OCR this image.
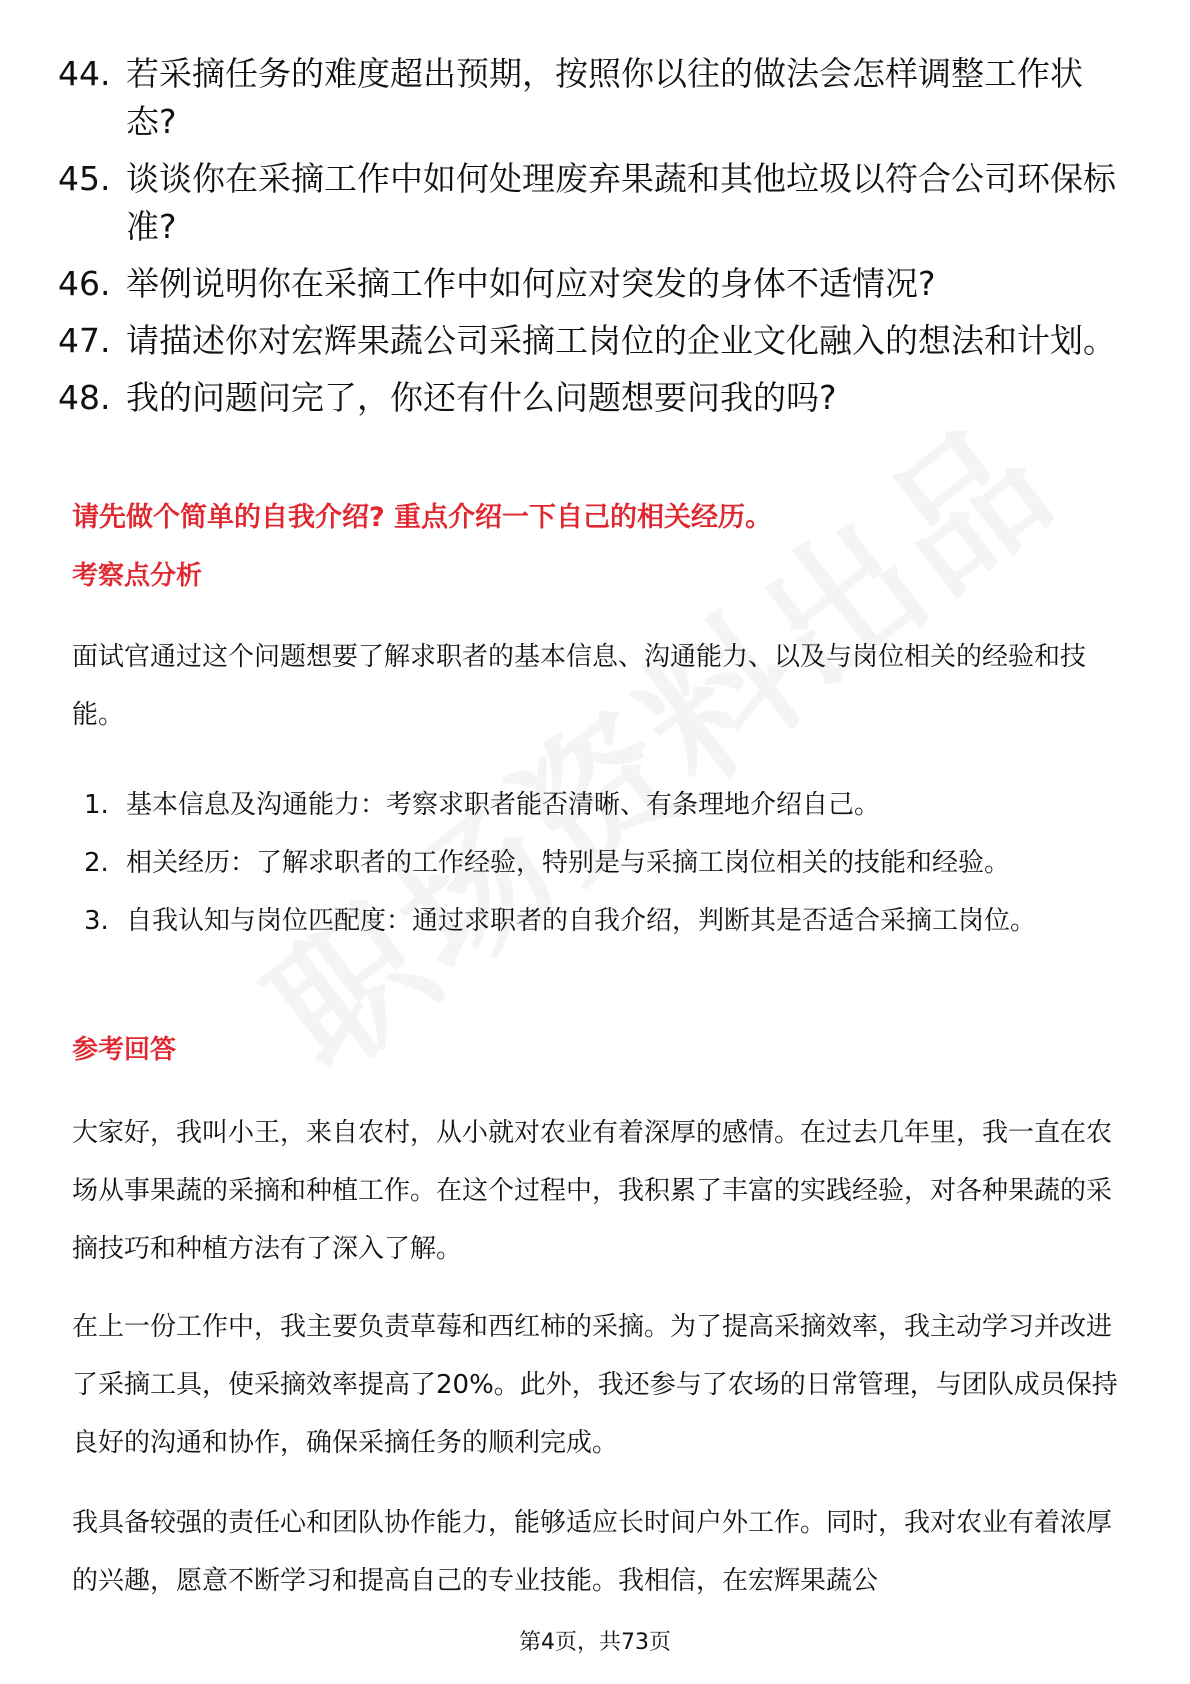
44. 若采摘任务的难度超出预期，按照你以往的做法会怎样调整工作状态?
45. 谈谈你在采摘工作中如何处理废弃果蔬和其他垃圾以符合公司环保标准?
46. 举例说明你在采摘工作中如何应对突发的身体不适情况?
47. 请描述你对宏辉果蔬公司采摘工岗位的企业文化融入的想法和计划。
48. 我的问题问完了，你还有什么问题想要问我的吗?
请先做个简单的自我介绍? 重点介绍一下自己的相关经历。
考察点分析

面试官通过这个问题想要了解求职者的基本信息、沟通能力、以及与岗位相关的经验和技能。

1. 基本信息及沟通能力：考察求职者能否清晰、有条理地介绍自己。
2. 相关经历：了解求职者的工作经验，特别是与采摘工岗位相关的技能和经验。
3. 自我认知与岗位匹配度：通过求职者的自我介绍，判断其是否适合采摘工岗位。
参考回答

大家好，我叫小王，来自农村，从小就对农业有着深厚的感情。在过去几年里，我一直在农场从事果蔬的采摘和种植工作。在这个过程中，我积累了丰富的实践经验，对各种果蔬的采摘技巧和种植方法有了深入了解。

在上一份工作中，我主要负责草莓和西红柿的采摘。为了提高采摘效率，我主动学习并改进了采摘工具，使采摘效率提高了20%。此外，我还参与了农场的日常管理，与团队成员保持良好的沟通和协作，确保采摘任务的顺利完成。

我具备较强的责任心和团队协作能力，能够适应长时间户外工作。同时，我对农业有着浓厚的兴趣，愿意不断学习和提高自己的专业技能。我相信，在宏辉果蔬公

第4页，共73页
